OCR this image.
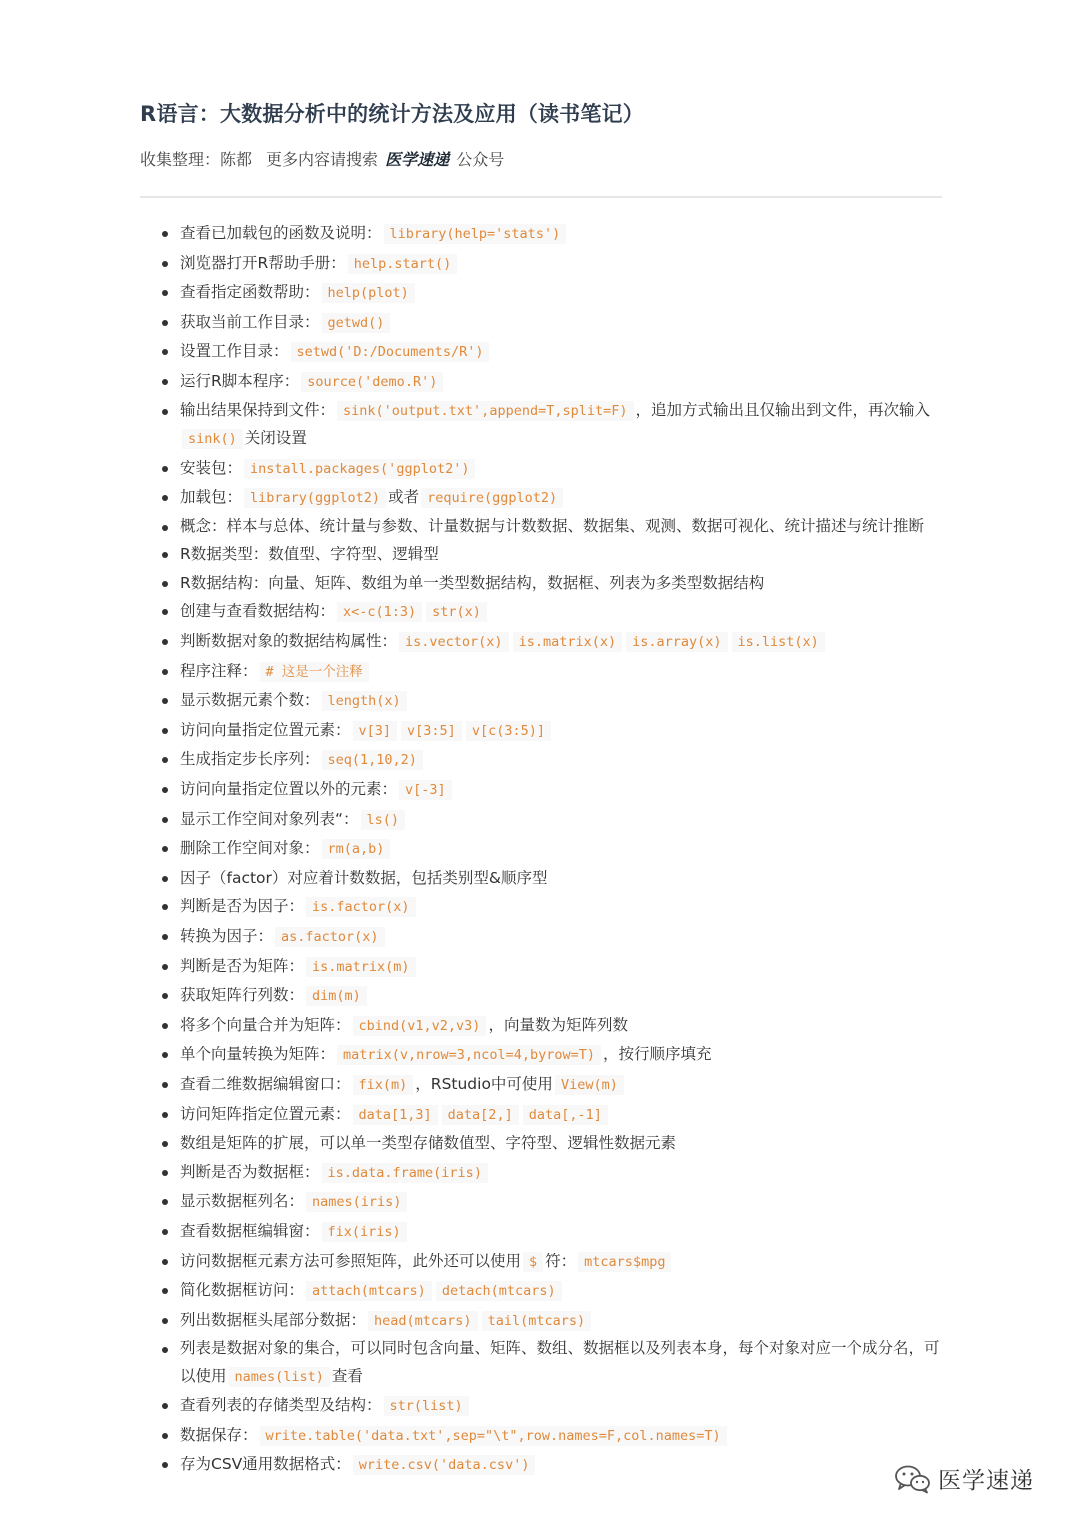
R语言：大数据分析中的统计方法及应用（读书笔记）
收集整理：陈都 更多内容请搜索 医学速递 公众号
查看已加载包的函数及说明： library(help='stats')
浏览器打开R帮助手册： help.start()
查看指定函数帮助： help(plot)
获取当前工作目录： getwd()
设置工作目录： setwd('D:/Documents/R')
运行R脚本程序： source('demo.R')
输出结果保持到文件： sink('output.txt',append=T,split=F) ，追加方式输出且仅输出到文件，再次输入sink() 关闭设置
安装包： install.packages('ggplot2')
加载包： library(ggplot2) 或者 require(ggplot2)
概念：样本与总体、统计量与参数、计量数据与计数数据、数据集、观测、数据可视化、统计描述与统计推断
R数据类型：数值型、字符型、逻辑型
R数据结构：向量、矩阵、数组为单一类型数据结构，数据框、列表为多类型数据结构
创建与查看数据结构： x<-c(1:3) str(x)
判断数据对象的数据结构属性： is.vector(x) is.matrix(x) is.array(x) is.list(x)
程序注释： # 这是一个注释
显示数据元素个数： length(x)
访问向量指定位置元素： v[3] v[3:5] v[c(3:5)]
生成指定步长序列： seq(1,10,2)
访问向量指定位置以外的元素： v[-3]
显示工作空间对象列表“： ls()
删除工作空间对象： rm(a,b)
因子（factor）对应着计数数据，包括类别型&顺序型
判断是否为因子： is.factor(x)
转换为因子： as.factor(x)
判断是否为矩阵： is.matrix(m)
获取矩阵行列数： dim(m)
将多个向量合并为矩阵： cbind(v1,v2,v3) ，向量数为矩阵列数
单个向量转换为矩阵： matrix(v,nrow=3,ncol=4,byrow=T) ，按行顺序填充
查看二维数据编辑窗口： fix(m) ，RStudio中可使用 View(m)
访问矩阵指定位置元素： data[1,3] data[2,] data[,-1]
数组是矩阵的扩展，可以单一类型存储数值型、字符型、逻辑性数据元素
判断是否为数据框： is.data.frame(iris)
显示数据框列名： names(iris)
查看数据框编辑窗： fix(iris)
访问数据框元素方法可参照矩阵，此外还可以使用 $ 符： mtcars$mpg
简化数据框访问： attach(mtcars) detach(mtcars)
列出数据框头尾部分数据： head(mtcars) tail(mtcars)
列表是数据对象的集合，可以同时包含向量、矩阵、数组、数据框以及列表本身，每个对象对应一个成分名，可以使用 names(list) 查看
查看列表的存储类型及结构： str(list)
数据保存： write.table('data.txt',sep="\t",row.names=F,col.names=T)
存为CSV通用数据格式： write.csv('data.csv')
医学速递
